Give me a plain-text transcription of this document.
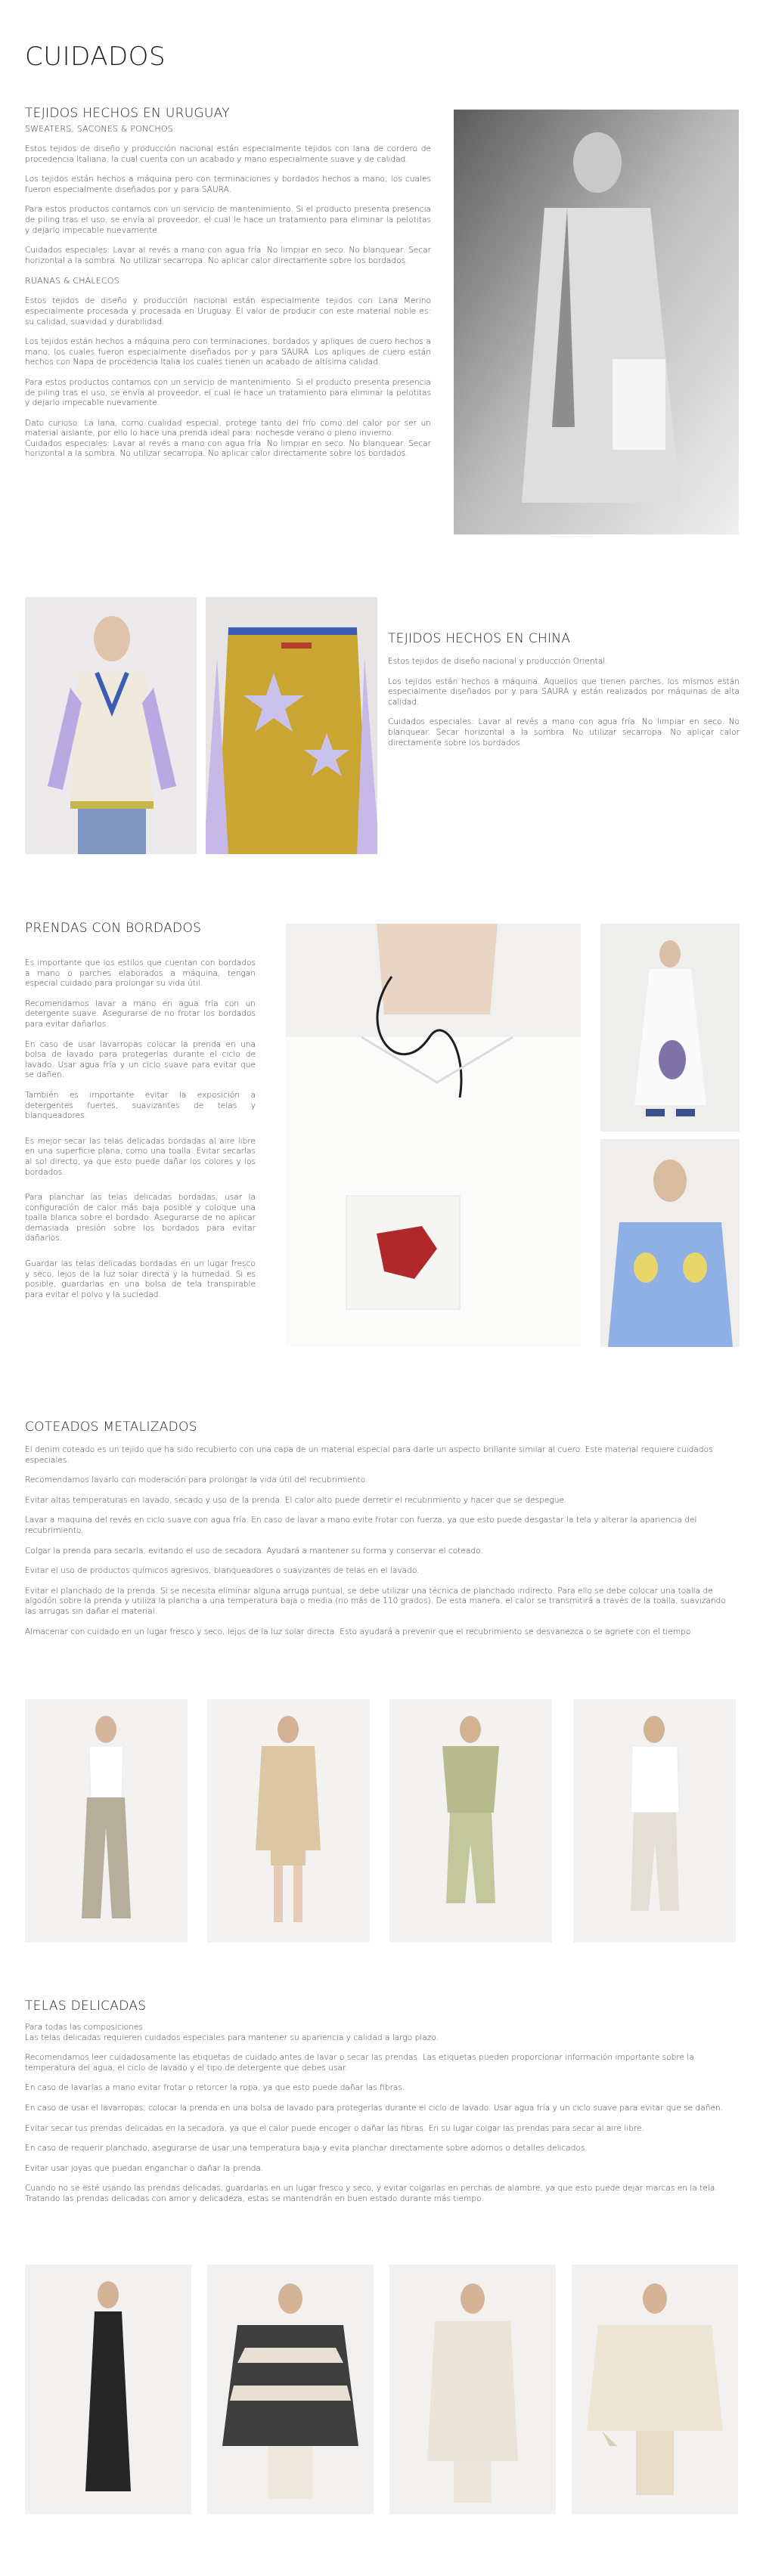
CUIDADOS
TEJIDOS HECHOS EN URUGUAY
SWEATERS, SACONES & PONCHOS

Estos tejidos de diseño y producción nacional están especialmente tejidos con lana de cordero de procedencia Italiana, la cual cuenta con un acabado y mano especialmente suave y de calidad.

Los tejidos están hechos a máquina pero con terminaciones y bordados hechos a mano; los cuales fueron especialmente diseñados por y para SAURA.

Para estos productos contamos con un servicio de mantenimiento. Si el producto presenta presencia de piling tras el uso, se envía al proveedor, el cual le hace un tratamiento para eliminar la pelotitas y dejarlo impecable nuevamente.

Cuidados especiales: Lavar al revés a mano con agua fría. No limpiar en seco. No blanquear. Secar horizontal a la sombra. No utilizar secarropa. No aplicar calor directamente sobre los bordados.

RUANAS & CHALECOS

Estos tejidos de diseño y producción nacional están especialmente tejidos con Lana Merino especialmente procesada y procesada en Uruguay. El valor de producir con este material noble es: su calidad, suavidad y durabilidad.

Los tejidos están hechos a máquina pero con terminaciones, bordados y apliques de cuero hechos a mano; los cuales fueron especialmente diseñados por y para SAURA. Los apliques de cuero están hechos con Napa de procedencia Italia los cuales tienen un acabado de altísima calidad.

Para estos productos contamos con un servicio de mantenimiento. Si el producto presenta presencia de piling tras el uso, se envía al proveedor, el cual le hace un tratamiento para eliminar la pelotitas y dejarlo impecable nuevamente.

Dato curioso: La lana, como cualidad especial, protege tanto del frío como del calor por ser un material aislante, por ello lo hace una prenda ideal para: nochesde verano o pleno invierno.

Cuidados especiales: Lavar al revés a mano con agua fría. No limpiar en seco. No blanquear. Secar horizontal a la sombra. No utilizar secarropa. No aplicar calor directamente sobre los bordados.

TEJIDOS HECHOS EN CHINA

Estos tejidos de diseño nacional y producción Oriental.

Los tejidos están hechos a máquina. Aquellos que tienen parches, los mismos están especialmente diseñados por y para SAURA y están realizados por máquinas de alta calidad.

Cuidados especiales: Lavar al revés a mano con agua fría. No limpiar en seco. No blanquear. Secar horizontal a la sombra. No utilizar secarropa. No aplicar calor directamente sobre los bordados.

PRENDAS CON BORDADOS

Es importante que los estilos que cuentan con bordados a mano o parches elaborados a máquina, tengan especial cuidado para prolongar su vida útil.

Recomendamos lavar a mano en agua fría con un detergente suave. Asegurarse de no frotar los bordados para evitar dañarlos.

En caso de usar lavarropas colocar la prenda en una bolsa de lavado para protegerlas durante el ciclo de lavado. Usar agua fría y un ciclo suave para evitar que se dañen.

También es importante evitar la exposición a detergentes fuertes, suavizantes de telas y blanqueadores.

Es mejor secar las telas delicadas bordadas al aire libre en una superficie plana, como una toalla. Evitar secarlas al sol directo, ya que esto puede dañar los colores y los bordados.

Para planchar las telas delicadas bordadas, usar la configuración de calor más baja posible y coloque una toalla blanca sobre el bordado. Asegurarse de no aplicar demasiada presión sobre los bordados para evitar dañarlos.

Guardar las telas delicadas bordadas en un lugar fresco y seco, lejos de la luz solar directa y la humedad. Si es posible, guardarlas en una bolsa de tela transpirable para evitar el polvo y la suciedad.

COTEADOS METALIZADOS

El denim coteado es un tejido que ha sido recubierto con una capa de un material especial para darle un aspecto brillante similar al cuero. Este material requiere cuidados especiales.

Recomendamos lavarlo con moderación para prolongar la vida útil del recubrimiento.

Evitar altas temperaturas en lavado, secado y uso de la prenda. El calor alto puede derretir el recubrimiento y hacer que se despegue.

Lavar a maquina del revés en ciclo suave con agua fría. En caso de lavar a mano evite frotar con fuerza, ya que esto puede desgastar la tela y alterar la apariencia del recubrimiento.

Colgar la prenda para secarla, evitando el uso de secadora. Ayudará a mantener su forma y conservar el coteado.

Evitar el uso de productos químicos agresivos, blanqueadores o suavizantes de telas en el lavado.

Evitar el planchado de la prenda. Si se necesita eliminar alguna arruga puntual, se debe utilizar una técnica de planchado indirecto. Para ello se debe colocar una toalla de algodón sobre la prenda y utiliza la plancha a una temperatura baja o media (no más de 110 grados). De esta manera, el calor se transmitirá a través de la toalla, suavizando las arrugas sin dañar el material.

Almacenar con cuidado en un lugar fresco y seco, lejos de la luz solar directa. Esto ayudará a prevenir que el recubrimiento se desvanezca o se agriete con el tiempo.

TELAS DELICADAS

Para todas las composiciones

Las telas delicadas requieren cuidados especiales para mantener su apariencia y calidad a largo plazo.

Recomendamos leer cuidadosamente las etiquetas de cuidado antes de lavar o secar las prendas. Las etiquetas pueden proporcionar información importante sobre la temperatura del agua, el ciclo de lavado y el tipo de detergente que debes usar.

En caso de lavarlas a mano evitar frotar o retorcer la ropa, ya que esto puede dañar las fibras.

En caso de usar el lavarropas, colocar la prenda en una bolsa de lavado para protegerlas durante el ciclo de lavado. Usar agua fría y un ciclo suave para evitar que se dañen.

Evitar secar tus prendas delicadas en la secadora, ya que el calor puede encoger o dañar las fibras. En su lugar colgar las prendas para secar al aire libre.

En caso de requerir planchado, asegurarse de usar una temperatura baja y evita planchar directamente sobre adornos o detalles delicados.

Evitar usar joyas que puedan enganchar o dañar la prenda.

Cuando no se esté usando las prendas delicadas, guardarlas en un lugar fresco y seco, y evitar colgarlas en perchas de alambre, ya que esto puede dejar marcas en la tela.

Tratando las prendas delicadas con amor y delicadeza, estas se mantendrán en buen estado durante más tiempo.
